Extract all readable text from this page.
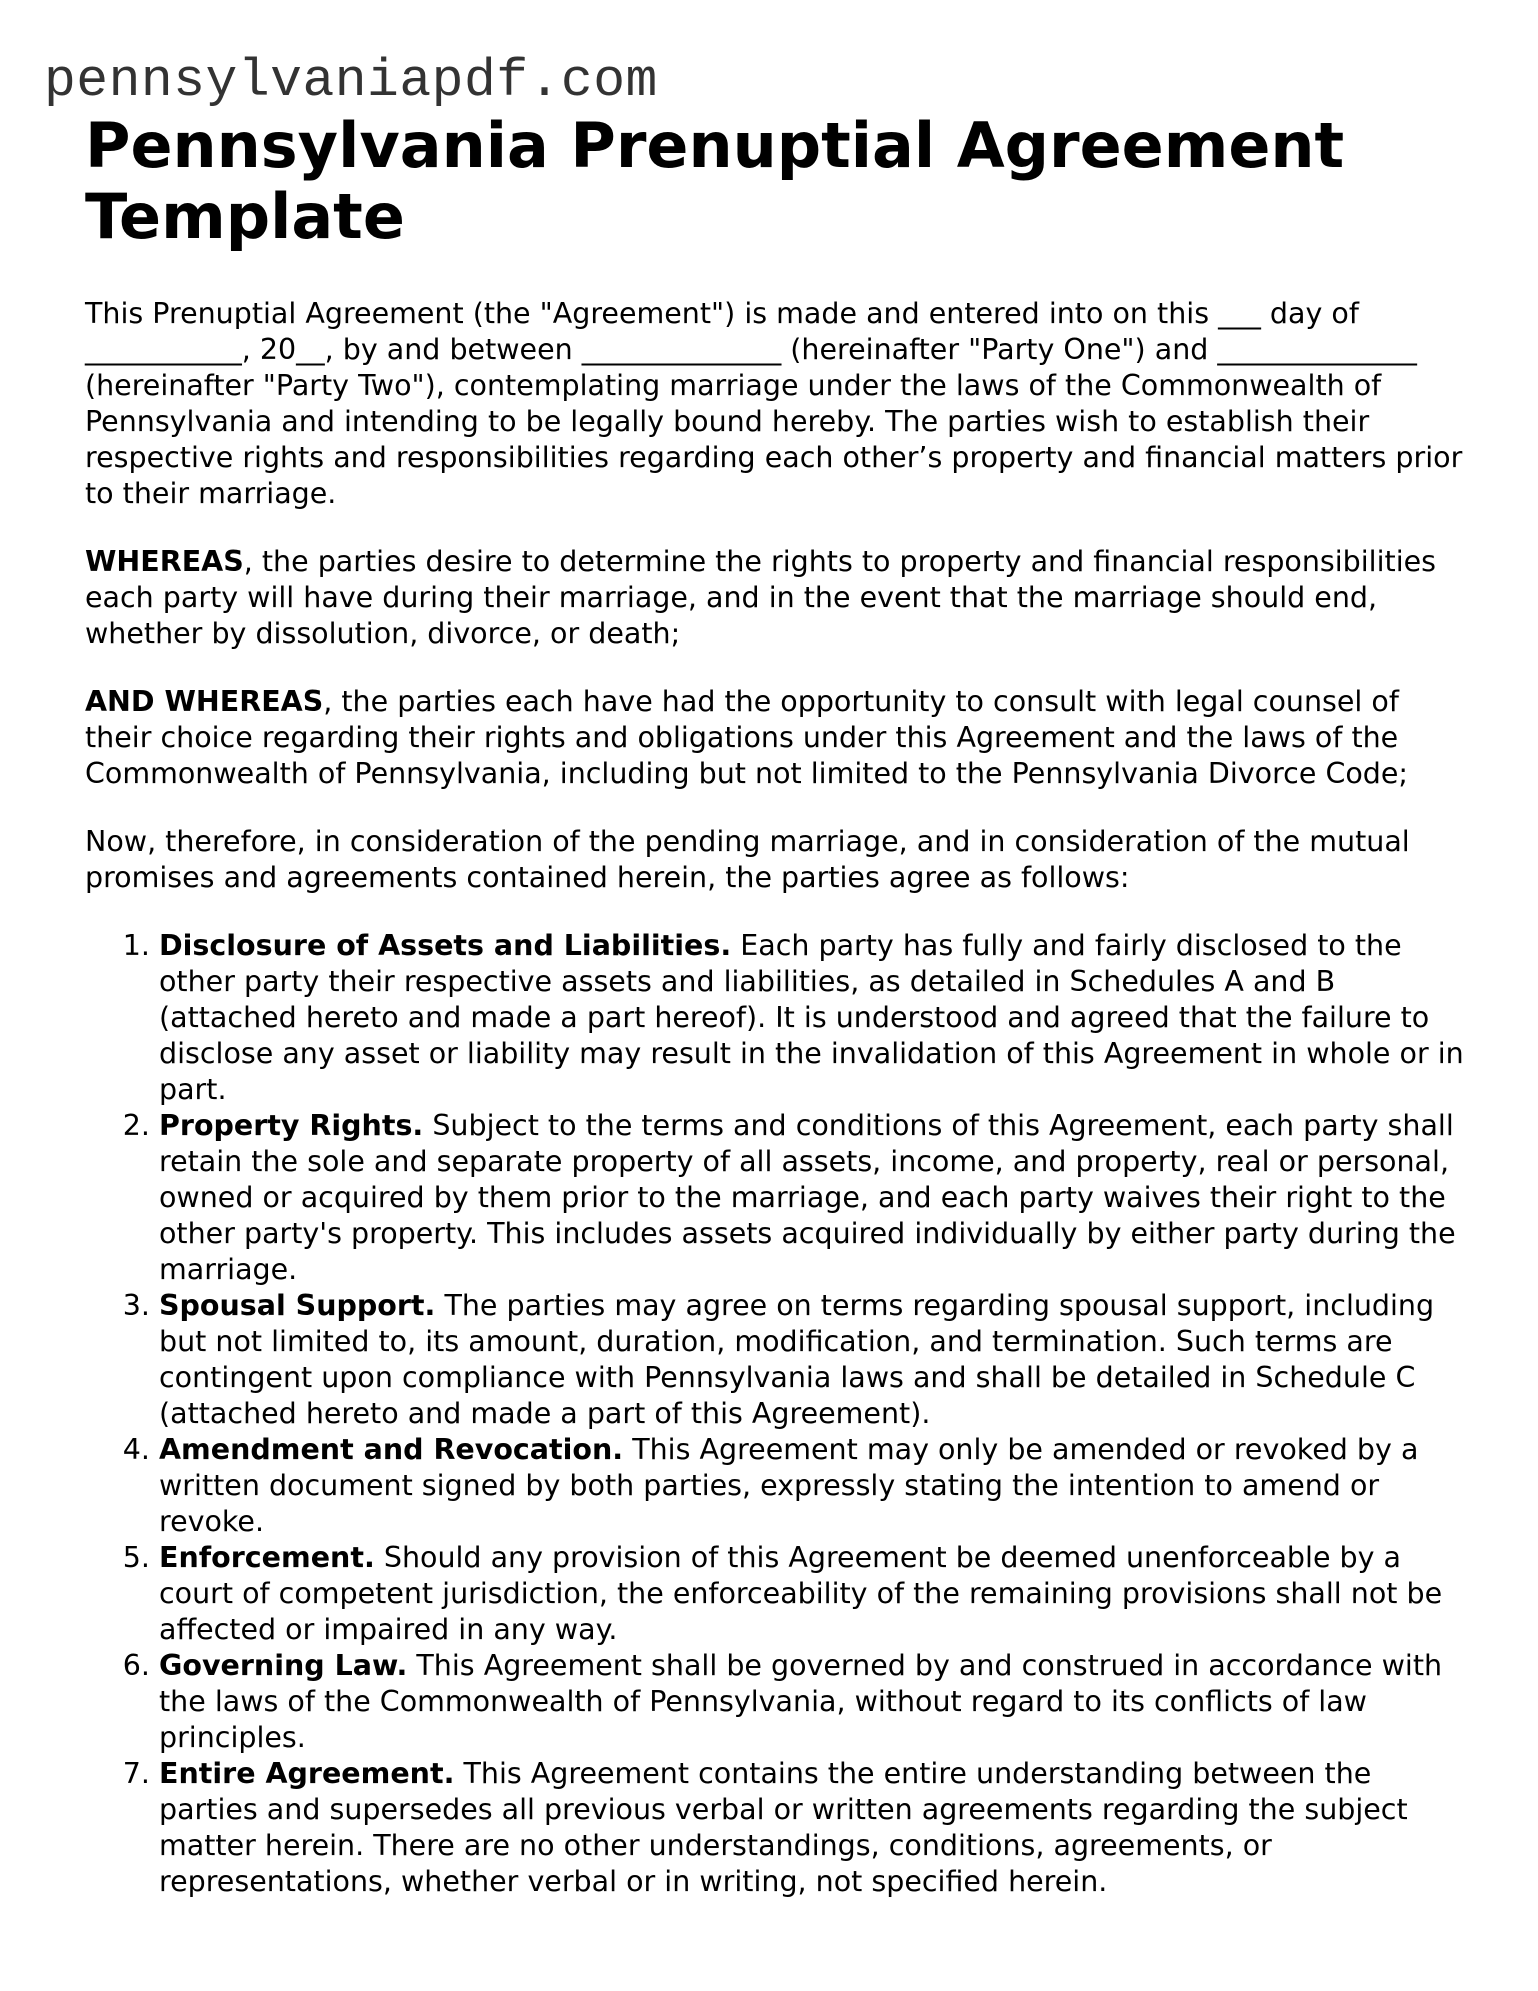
pennsylvaniapdf.com
Pennsylvania Prenuptial Agreement Template

This Prenuptial Agreement (the "Agreement") is made and entered into on this ___ day of ___________, 20__, by and between ______________ (hereinafter "Party One") and ______________ (hereinafter "Party Two"), contemplating marriage under the laws of the Commonwealth of Pennsylvania and intending to be legally bound hereby. The parties wish to establish their respective rights and responsibilities regarding each other’s property and financial matters prior to their marriage.

WHEREAS, the parties desire to determine the rights to property and financial responsibilities each party will have during their marriage, and in the event that the marriage should end, whether by dissolution, divorce, or death;

AND WHEREAS, the parties each have had the opportunity to consult with legal counsel of their choice regarding their rights and obligations under this Agreement and the laws of the Commonwealth of Pennsylvania, including but not limited to the Pennsylvania Divorce Code;

Now, therefore, in consideration of the pending marriage, and in consideration of the mutual promises and agreements contained herein, the parties agree as follows:

1. Disclosure of Assets and Liabilities. Each party has fully and fairly disclosed to the other party their respective assets and liabilities, as detailed in Schedules A and B (attached hereto and made a part hereof). It is understood and agreed that the failure to disclose any asset or liability may result in the invalidation of this Agreement in whole or in part.
2. Property Rights. Subject to the terms and conditions of this Agreement, each party shall retain the sole and separate property of all assets, income, and property, real or personal, owned or acquired by them prior to the marriage, and each party waives their right to the other party's property. This includes assets acquired individually by either party during the marriage.
3. Spousal Support. The parties may agree on terms regarding spousal support, including but not limited to, its amount, duration, modification, and termination. Such terms are contingent upon compliance with Pennsylvania laws and shall be detailed in Schedule C (attached hereto and made a part of this Agreement).
4. Amendment and Revocation. This Agreement may only be amended or revoked by a written document signed by both parties, expressly stating the intention to amend or revoke.
5. Enforcement. Should any provision of this Agreement be deemed unenforceable by a court of competent jurisdiction, the enforceability of the remaining provisions shall not be affected or impaired in any way.
6. Governing Law. This Agreement shall be governed by and construed in accordance with the laws of the Commonwealth of Pennsylvania, without regard to its conflicts of law principles.
7. Entire Agreement. This Agreement contains the entire understanding between the parties and supersedes all previous verbal or written agreements regarding the subject matter herein. There are no other understandings, conditions, agreements, or representations, whether verbal or in writing, not specified herein.
